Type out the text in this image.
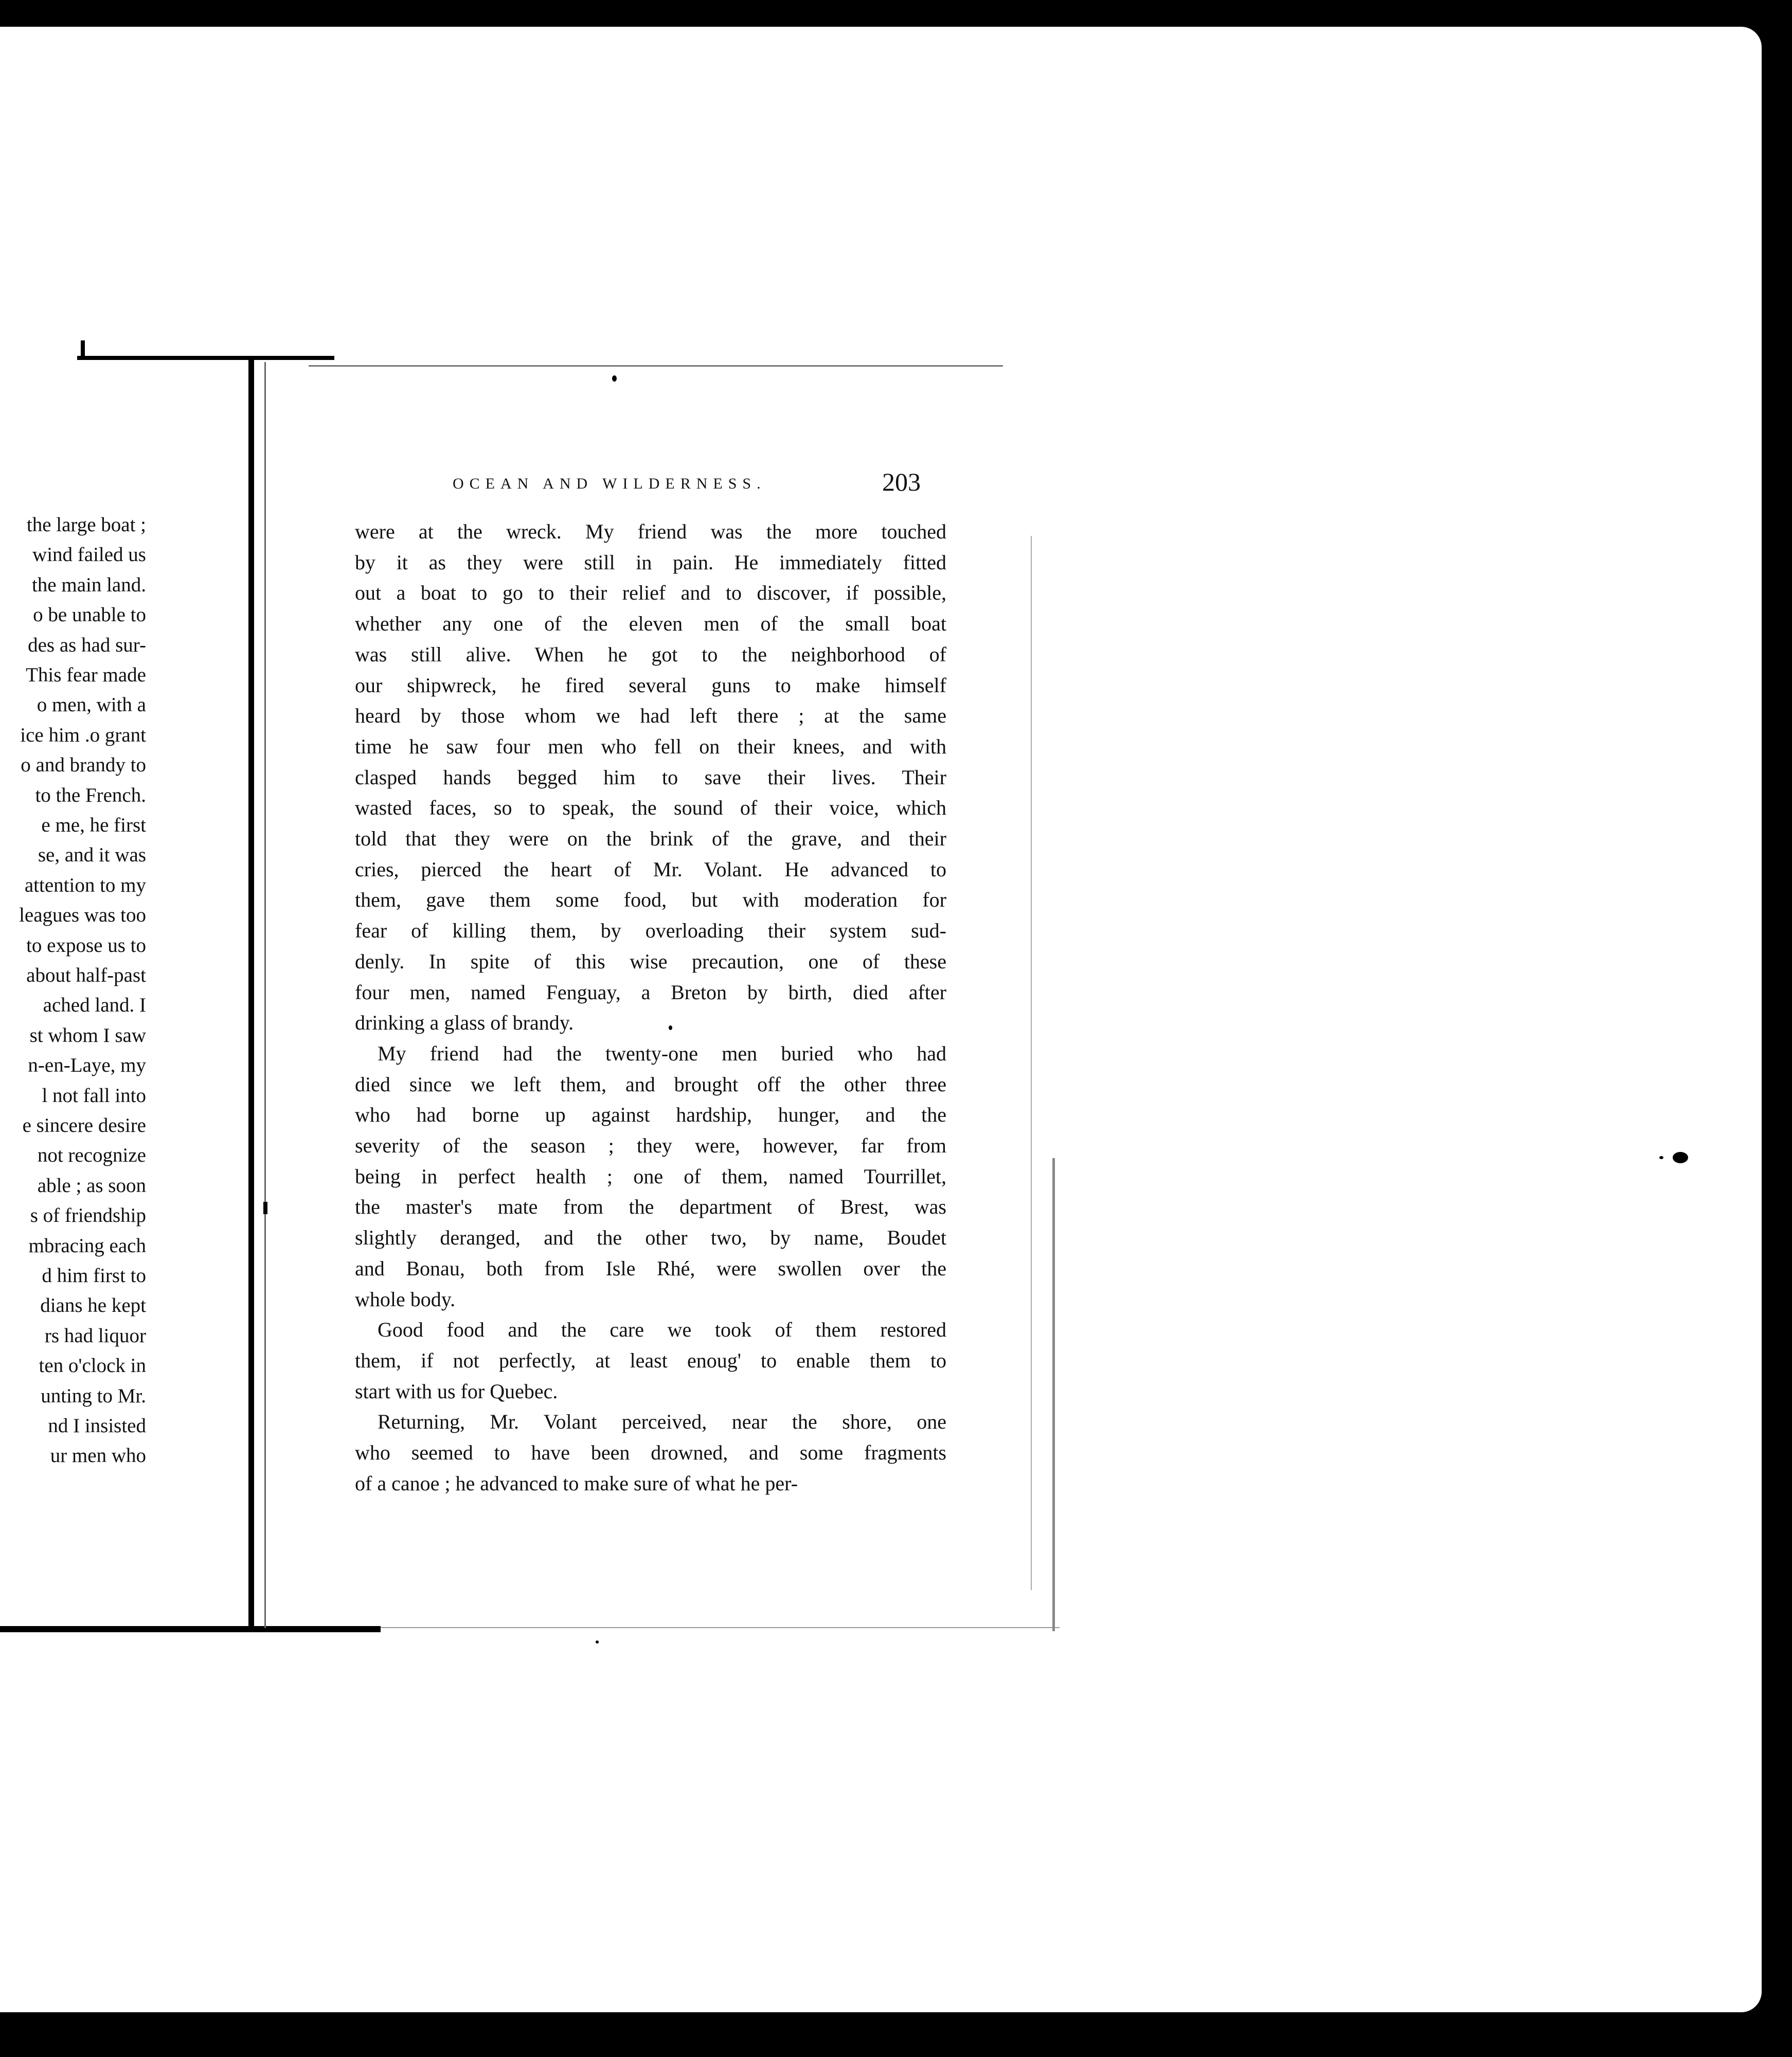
the large boat ;
wind failed us
the main land.
o be unable to
des as had sur-
This fear made
o men, with a
ice him .o grant
o and brandy to
to the French.
e me, he first
se, and it was
attention to my
leagues was too
to expose us to
about half-past
ached land. I
st whom I saw
n-en-Laye, my
l not fall into
e sincere desire
not recognize
able ; as soon
s of friendship
mbracing each
d him first to
dians he kept
rs had liquor
ten o'clock in
unting to Mr.
nd I insisted
ur men who
OCEAN AND WILDERNESS.	203

were at the wreck. My friend was the more touched
by it as they were still in pain. He immediately fitted
out a boat to go to their relief and to discover, if possible,
whether any one of the eleven men of the small boat
was still alive. When he got to the neighborhood of
our shipwreck, he fired several guns to make himself
heard by those whom we had left there ; at the same
time he saw four men who fell on their knees, and with
clasped hands begged him to save their lives. Their
wasted faces, so to speak, the sound of their voice, which
told that they were on the brink of the grave, and their
cries, pierced the heart of Mr. Volant. He advanced to
them, gave them some food, but with moderation for
fear of killing them, by overloading their system sud-
denly. In spite of this wise precaution, one of these
four men, named Fenguay, a Breton by birth, died after
drinking a glass of brandy.

My friend had the twenty-one men buried who had
died since we left them, and brought off the other three
who had borne up against hardship, hunger, and the
severity of the season ; they were, however, far from
being in perfect health ; one of them, named Tourrillet,
the master's mate from the department of Brest, was
slightly deranged, and the other two, by name, Boudet
and Bonau, both from Isle Rhé, were swollen over the
whole body.

Good food and the care we took of them restored
them, if not perfectly, at least enoug' to enable them to
start with us for Quebec.

Returning, Mr. Volant perceived, near the shore, one
who seemed to have been drowned, and some fragments
of a canoe ; he advanced to make sure of what he per-
